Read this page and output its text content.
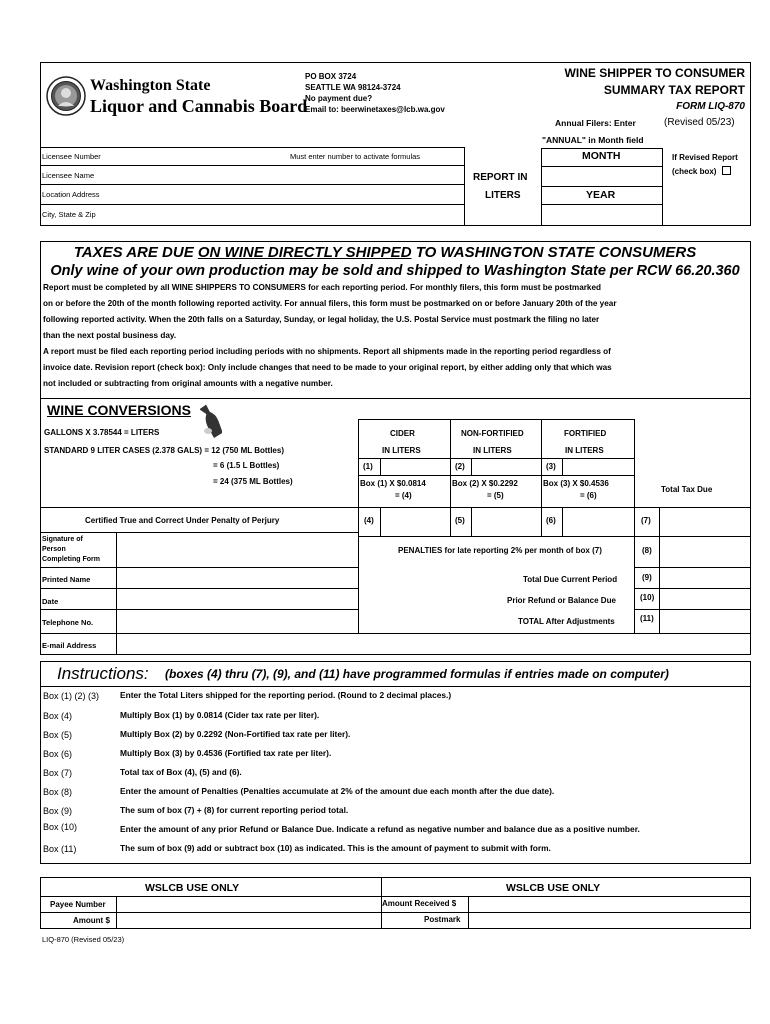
Washington State
Liquor and Cannabis Board
PO BOX 3724
SEATTLE WA 98124-3724
No payment due?
Email to: beerwinetaxes@lcb.wa.gov
WINE SHIPPER TO CONSUMER
SUMMARY TAX REPORT
FORM LIQ-870
Annual Filers: Enter	(Revised 05/23)
"ANNUAL" in Month field
Licensee Number	Must enter number to activate formulas
Licensee Name
Location Address
City, State & Zip
REPORT IN
LITERS
MONTH
YEAR
If Revised Report
(check box)
TAXES ARE DUE ON WINE DIRECTLY SHIPPED TO WASHINGTON STATE CONSUMERS
Only wine of your own production may be sold and shipped to Washington State per RCW 66.20.360
Report must be completed by all WINE SHIPPERS TO CONSUMERS for each reporting period. For monthly filers, this form must be postmarked
on or before the 20th of the month following reported activity. For annual filers, this form must be postmarked on or before January 20th of the year
following reported activity. When the 20th falls on a Saturday, Sunday, or legal holiday, the U.S. Postal Service must postmark the filing no later
than the next postal business day.
A report must be filed each reporting period including periods with no shipments. Report all shipments made in the reporting period regardless of
invoice date. Revision report (check box): Only include changes that need to be made to your original report, by either adding only that which was
not included or subtracting from original amounts with a negative number.
WINE CONVERSIONS
GALLONS X 3.78544 = LITERS
STANDARD 9 LITER CASES (2.378 GALS) = 12 (750 ML Bottles)
= 6 (1.5 L Bottles)
= 24 (375 ML Bottles)
CIDER	NON-FORTIFIED	FORTIFIED
IN LITERS	IN LITERS	IN LITERS
(1)	(2)	(3)
Box (1) X $0.0814
= (4)
Box (2) X $0.2292
= (5)
Box (3) X $0.4536
= (6)
Total Tax Due
(4)	(5)	(6)	(7)
Certified True and Correct Under Penalty of Perjury
Signature of
Person
Completing Form
Printed Name
Date
Telephone No.
E-mail Address
PENALTIES for late reporting 2% per month of box (7)	(8)
Total Due Current Period	(9)
Prior Refund or Balance Due	(10)
TOTAL After Adjustments	(11)
Instructions: (boxes (4) thru (7), (9), and (11) have programmed formulas if entries made on computer)
Box (1) (2) (3) Enter the Total Liters shipped for the reporting period. (Round to 2 decimal places.)
Box (4)	Multiply Box (1) by 0.0814 (Cider tax rate per liter).
Box (5)	Multiply Box (2) by 0.2292 (Non-Fortified tax rate per liter).
Box (6)	Multiply Box (3) by 0.4536 (Fortified tax rate per liter).
Box (7)	Total tax of Box (4), (5) and (6).
Box (8)	Enter the amount of Penalties (Penalties accumulate at 2% of the amount due each month after the due date).
Box (9)	The sum of box (7) + (8) for current reporting period total.
Box (10)	Enter the amount of any prior Refund or Balance Due. Indicate a refund as negative number and balance due as a positive number.
Box (11)	The sum of box (9) add or subtract box (10) as indicated. This is the amount of payment to submit with form.
WSLCB USE ONLY	WSLCB USE ONLY
Payee Number
Amount $
Amount Received $
Postmark
LIQ-870 (Revised 05/23)
